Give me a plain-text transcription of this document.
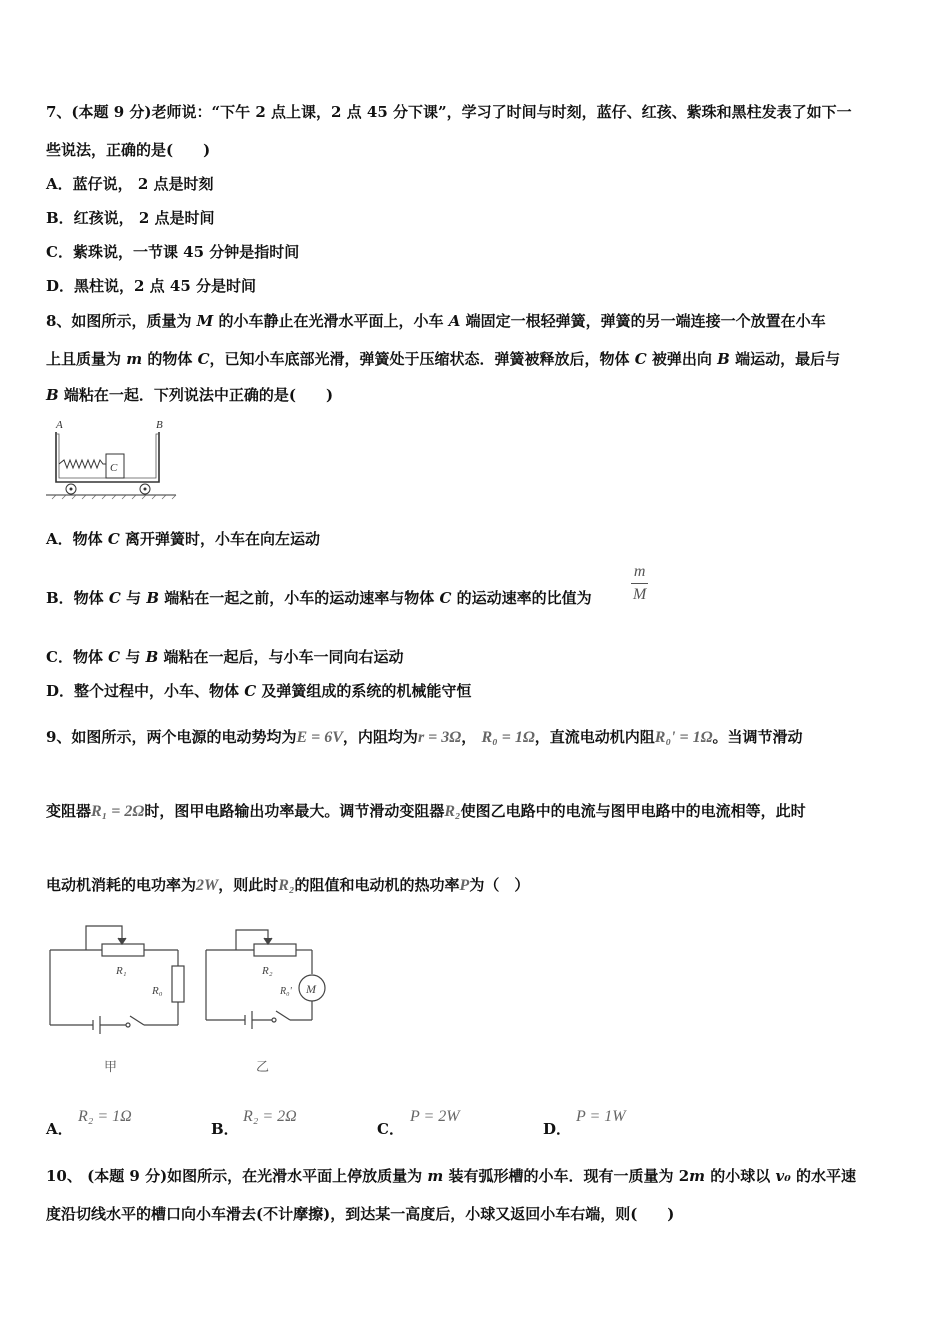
7、(本题 9 分)老师说：“下午 2 点上课，2 点 45 分下课”，学习了时间与时刻，蓝仔、红孩、紫珠和黑柱发表了如下一
些说法，正确的是(　　)
A．蓝仔说， 2 点是时刻
B．红孩说， 2 点是时间
C．紫珠说，一节课 45 分钟是指时间
D．黑柱说，2 点 45 分是时间
8、如图所示，质量为 M 的小车静止在光滑水平面上，小车 A 端固定一根轻弹簧，弹簧的另一端连接一个放置在小车
上且质量为 m 的物体 C，已知小车底部光滑，弹簧处于压缩状态．弹簧被释放后，物体 C 被弹出向 B 端运动，最后与
B 端粘在一起．下列说法中正确的是(　　)
A	B
C
A．物体 C 离开弹簧时，小车在向左运动
B．物体 C 与 B 端粘在一起之前，小车的运动速率与物体 C 的运动速率的比值为
m
M
C．物体 C 与 B 端粘在一起后，与小车一同向右运动
D．整个过程中，小车、物体 C 及弹簧组成的系统的机械能守恒
9、如图所示，两个电源的电动势均为E = 6V，内阻均为r = 3Ω， R₀ = 1Ω，直流电动机内阻R₀' = 1Ω。当调节滑动
变阻器R₁ = 2Ω时，图甲电路输出功率最大。调节滑动变阻器R₂使图乙电路中的电流与图甲电路中的电流相等，此时
电动机消耗的电功率为2W，则此时R₂的阻值和电动机的热功率P为（　）
R₁
R₀
甲
M
R₂
R₀'
乙
A．
R₂ = 1Ω
B．
R₂ = 2Ω
C．
P = 2W
D．
P = 1W
10、 (本题 9 分)如图所示，在光滑水平面上停放质量为 m 装有弧形槽的小车．现有一质量为 2m 的小球以 v₀ 的水平速
度沿切线水平的槽口向小车滑去(不计摩擦)，到达某一高度后，小球又返回小车右端，则(　　)
